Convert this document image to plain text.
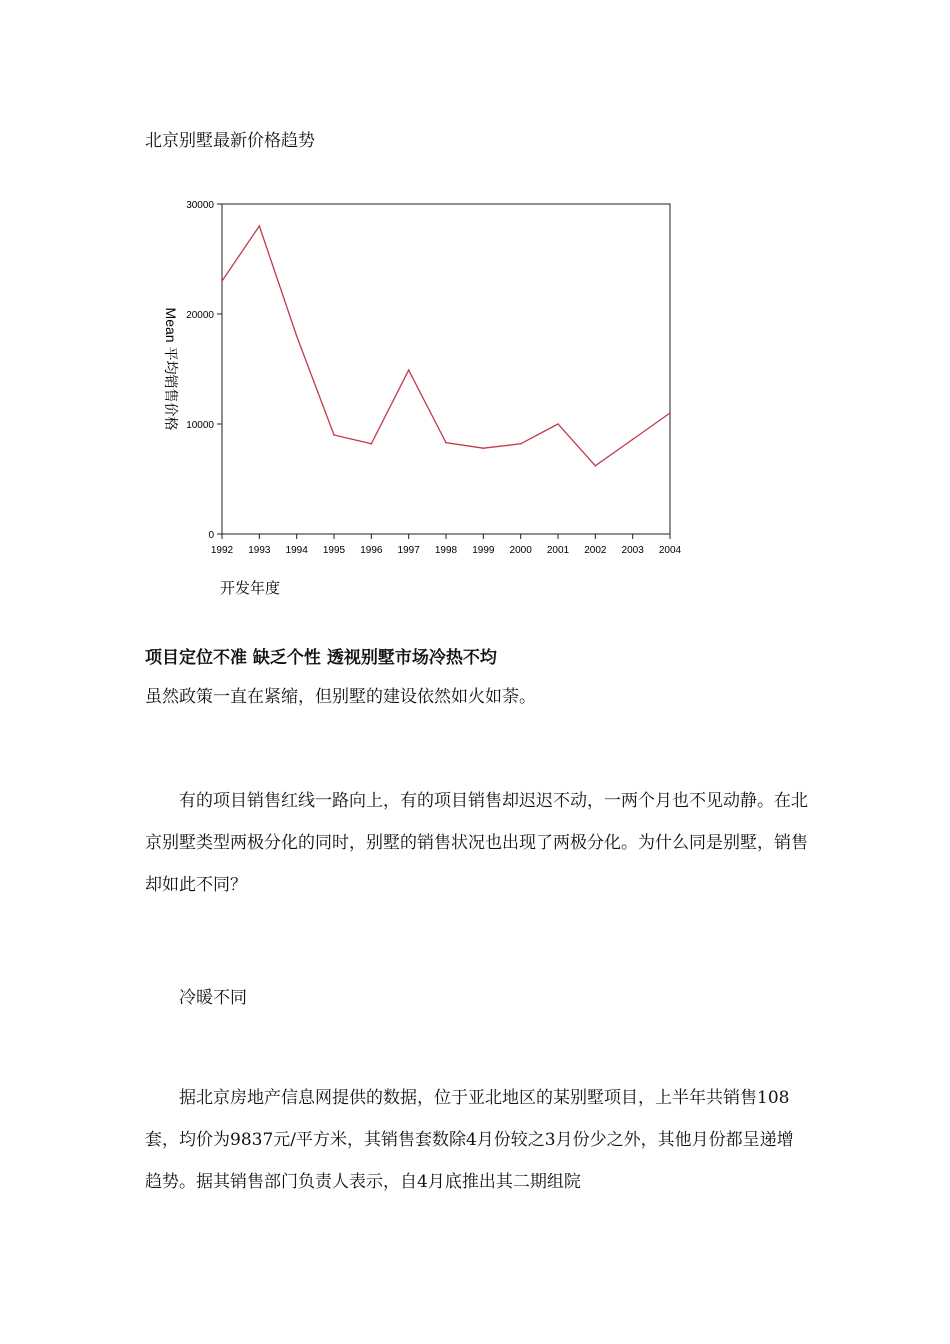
北京别墅最新价格趋势
0
10000
20000
30000
1992 1993 1994 1995 1996 1997 1998 1999 2000 2001 2002 2003 2004
Mean 平均销售价格
开发年度
项目定位不准 缺乏个性 透视别墅市场冷热不均

虽然政策一直在紧缩，但别墅的建设依然如火如荼。

有的项目销售红线一路向上，有的项目销售却迟迟不动，一两个月也不见动静。在北京别墅类型两极分化的同时，别墅的销售状况也出现了两极分化。为什么同是别墅，销售却如此不同？

冷暖不同

据北京房地产信息网提供的数据，位于亚北地区的某别墅项目，上半年共销售108套，均价为9837元/平方米，其销售套数除4月份较之3月份少之外，其他月份都呈递增趋势。据其销售部门负责人表示，自4月底推出其二期组院
